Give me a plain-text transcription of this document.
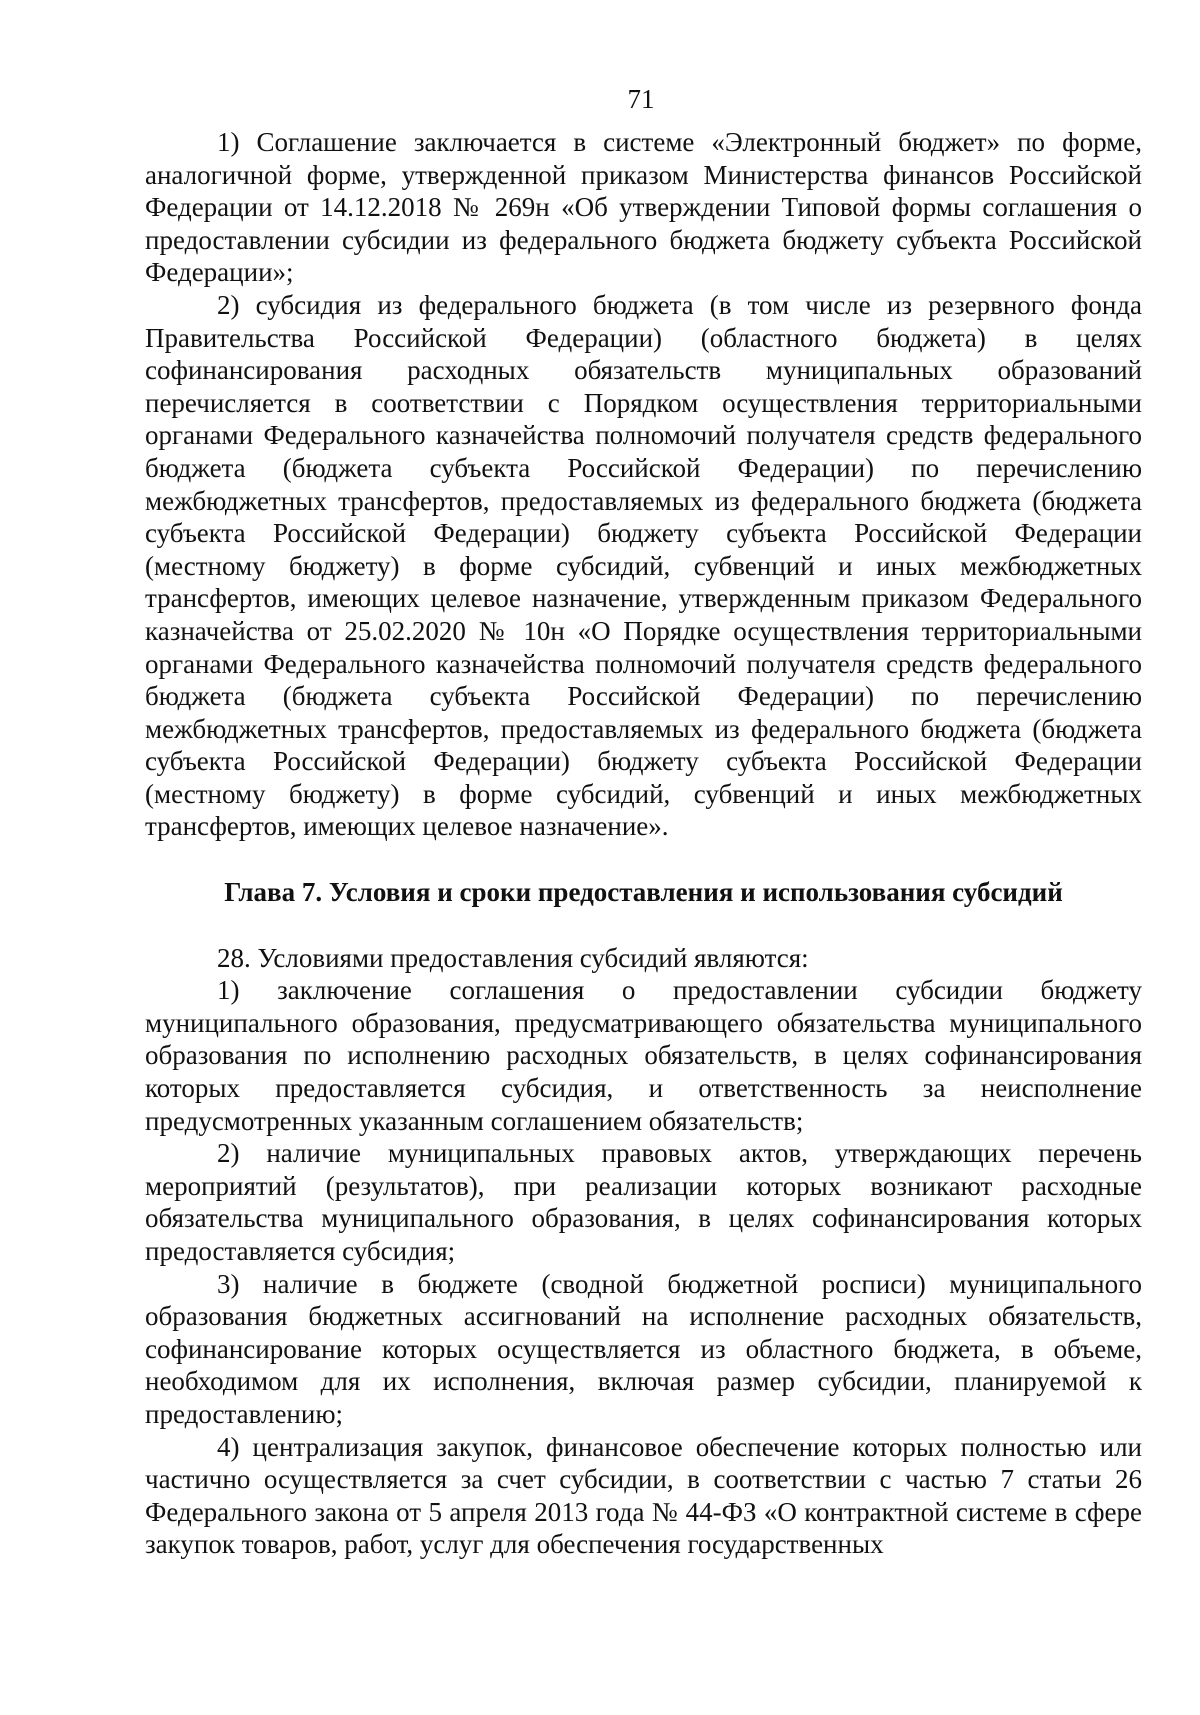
71

1) Соглашение заключается в системе «Электронный бюджет» по форме, аналогичной форме, утвержденной приказом Министерства финансов Российской Федерации от 14.12.2018 № 269н «Об утверждении Типовой формы соглашения о предоставлении субсидии из федерального бюджета бюджету субъекта Российской Федерации»;

2) субсидия из федерального бюджета (в том числе из резервного фонда Правительства Российской Федерации) (областного бюджета) в целях софинансирования расходных обязательств муниципальных образований перечисляется в соответствии с Порядком осуществления территориальными органами Федерального казначейства полномочий получателя средств федерального бюджета (бюджета субъекта Российской Федерации) по перечислению межбюджетных трансфертов, предоставляемых из федерального бюджета (бюджета субъекта Российской Федерации) бюджету субъекта Российской Федерации (местному бюджету) в форме субсидий, субвенций и иных межбюджетных трансфертов, имеющих целевое назначение, утвержденным приказом Федерального казначейства от 25.02.2020 № 10н «О Порядке осуществления территориальными органами Федерального казначейства полномочий получателя средств федерального бюджета (бюджета субъекта Российской Федерации) по перечислению межбюджетных трансфертов, предоставляемых из федерального бюджета (бюджета субъекта Российской Федерации) бюджету субъекта Российской Федерации (местному бюджету) в форме субсидий, субвенций и иных межбюджетных трансфертов, имеющих целевое назначение».

Глава 7. Условия и сроки предоставления и использования субсидий

28. Условиями предоставления субсидий являются:

1) заключение соглашения о предоставлении субсидии бюджету муниципального образования, предусматривающего обязательства муниципального образования по исполнению расходных обязательств, в целях софинансирования которых предоставляется субсидия, и ответственность за неисполнение предусмотренных указанным соглашением обязательств;

2) наличие муниципальных правовых актов, утверждающих перечень мероприятий (результатов), при реализации которых возникают расходные обязательства муниципального образования, в целях софинансирования которых предоставляется субсидия;

3) наличие в бюджете (сводной бюджетной росписи) муниципального образования бюджетных ассигнований на исполнение расходных обязательств, софинансирование которых осуществляется из областного бюджета, в объеме, необходимом для их исполнения, включая размер субсидии, планируемой к предоставлению;

4) централизация закупок, финансовое обеспечение которых полностью или частично осуществляется за счет субсидии, в соответствии с частью 7 статьи 26 Федерального закона от 5 апреля 2013 года № 44-ФЗ «О контрактной системе в сфере закупок товаров, работ, услуг для обеспечения государственных
